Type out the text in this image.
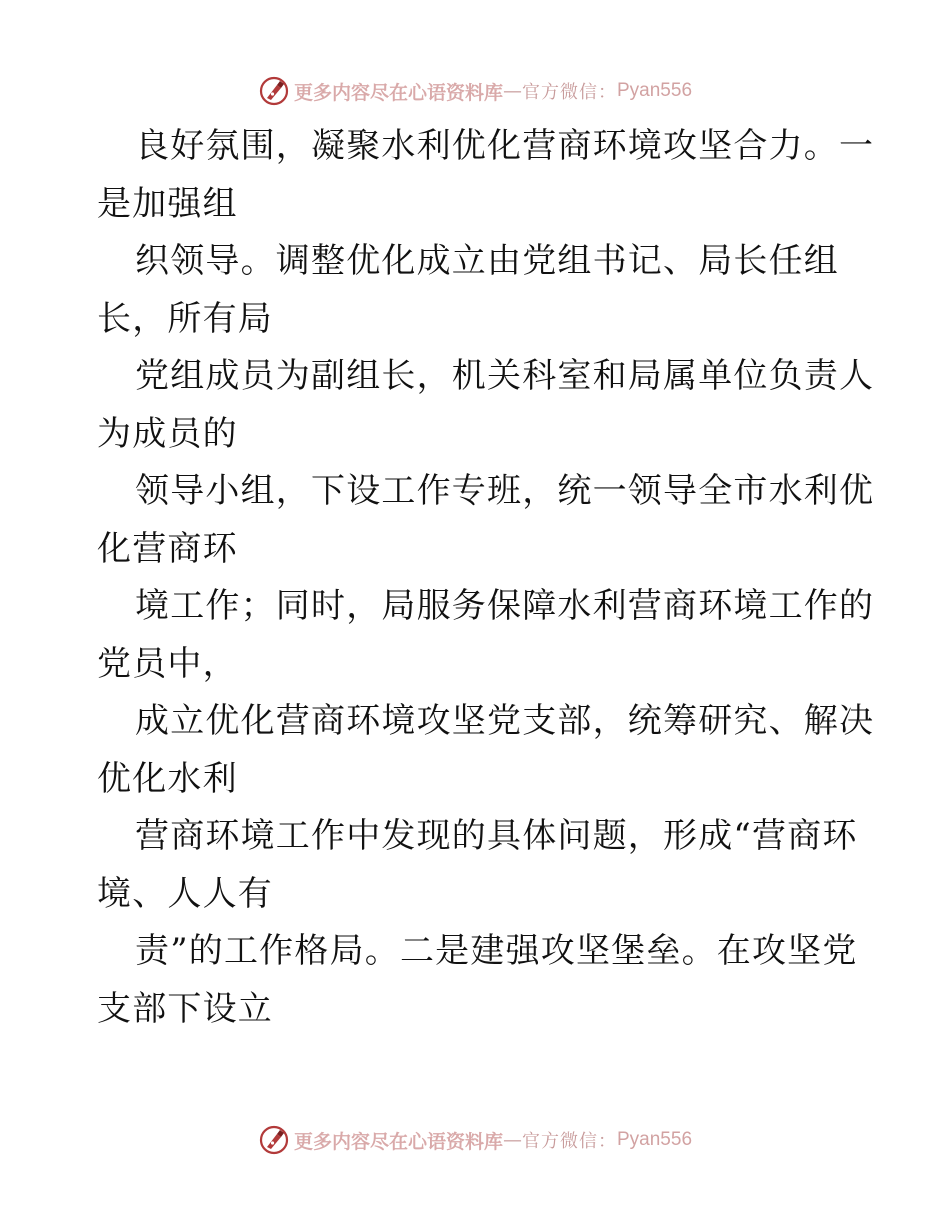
更多内容尽在心语资料库 — 官方微信： Pyan556
良好氛围，凝聚水利优化营商环境攻坚合力。一
是加强组
织领导。调整优化成立由党组书记、局长任组
长，所有局
党组成员为副组长，机关科室和局属单位负责人
为成员的
领导小组，下设工作专班，统一领导全市水利优
化营商环
境工作；同时，局服务保障水利营商环境工作的
党员中，
成立优化营商环境攻坚党支部，统筹研究、解决
优化水利
营商环境工作中发现的具体问题，形成“营商环
境、人人有
责”的工作格局。二是建强攻坚堡垒。在攻坚党
支部下设立
更多内容尽在心语资料库 — 官方微信： Pyan556
